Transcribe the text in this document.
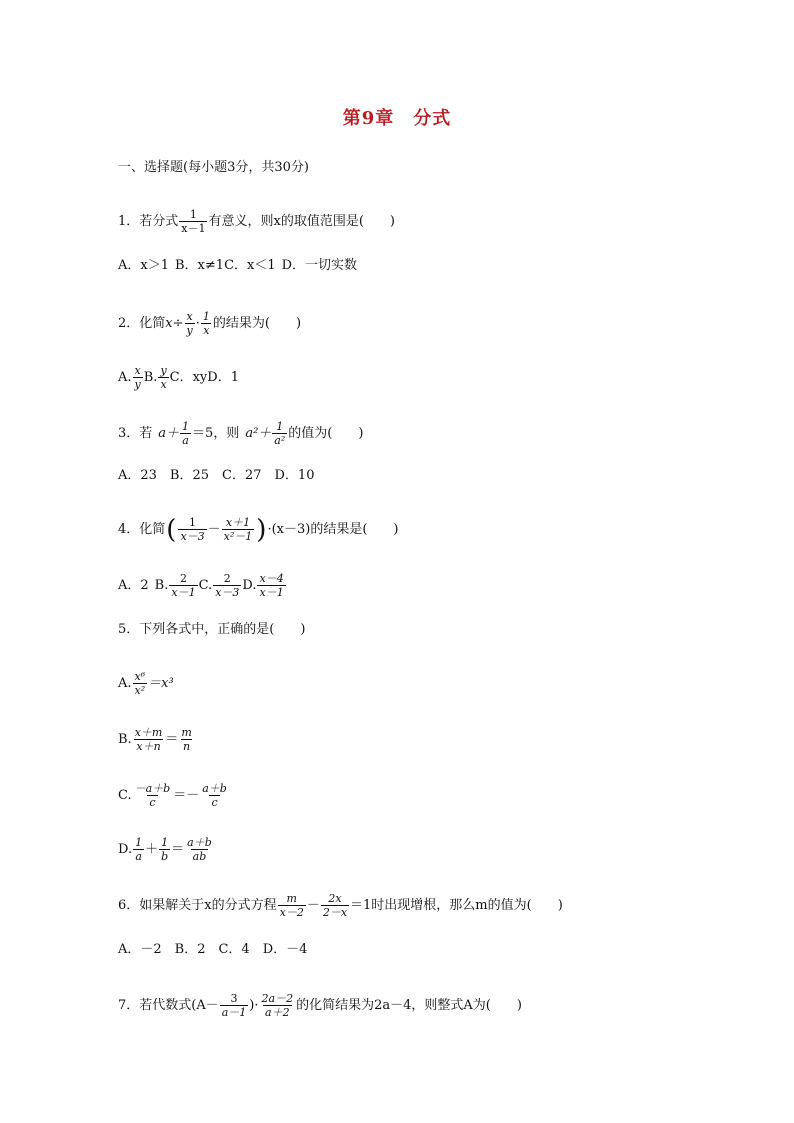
第9章　分式
一、选择题(每小题3分，共30分)
1．若分式 $\frac{1}{x-1}$ 有意义，则x的取值范围是(　　)
A．x＞1 B．x≠1 C．x＜1 D．一切实数
2．化简 $x\div \frac{x}{y} \cdot \frac{1}{x}$ 的结果为(　　)
A. $\frac{x}{y} B$. $\frac{y}{x}$ C．xy D．1
3．若 $a+ \frac{1}{a} =5$，则 $a^2+ \frac{1}{\text{a²}}$ 的值为(　　)
A．23　B．25　C．27　D．10
4．化简 ( $\frac{1}{x-3} - \frac{x+1}{\text{x²－1}}$ ) ·(x－3)的结果是(　　)
A．2 B. $\frac{2}{x-1} C$. $\frac{2}{x-3} D$. $\frac{x-4}{x-1}$
5．下列各式中，正确的是(　　)
A. $\frac{\text{x⁶}}{\text{x²}} =x^3$
B. $\frac{x+m}{x+n} = \frac{m}{n}$
C. $\frac{-a+b}{c} =- \frac{a+b}{c}$
D. $\frac{1}{a} + \frac{1}{b} = \frac{a+b}{ab}$
6．如果解关于x的分式方程 $\frac{m}{x-2} - \frac{2x}{2-x} =1$时出现增根，那么m的值为(　　)
A．－2　B．2　C．4　D．－4
7．若代数式($A- \frac{3}{a-1}$ )· $\frac{2a-2}{a+2}$ 的化简结果为2a－4，则整式A为(　　)
